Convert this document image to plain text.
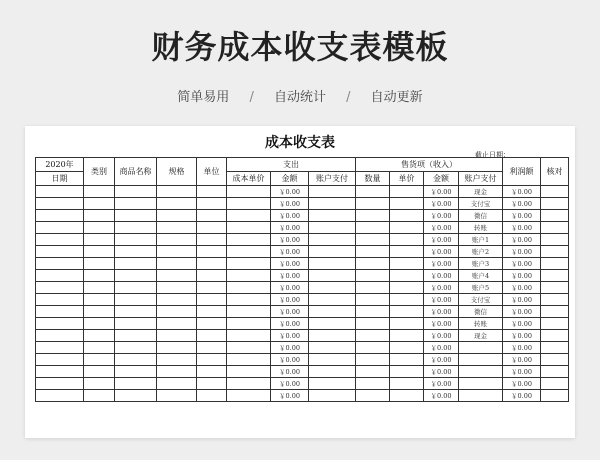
财务成本收支表模板
简单易用 / 自动统计 / 自动更新
成本收支表
截止日期：
2020年	类别	商品名称	规格	单位	支出			售货项（收入）				利润额	核对
日期					成本单价	金额	账户支付	数量	单价	金额	账户支付		
						￥0.00				￥0.00	现金	￥0.00	
						￥0.00				￥0.00	支付宝	￥0.00	
						￥0.00				￥0.00	微信	￥0.00	
						￥0.00				￥0.00	转账	￥0.00	
						￥0.00				￥0.00	账户1	￥0.00	
						￥0.00				￥0.00	账户2	￥0.00	
						￥0.00				￥0.00	账户3	￥0.00	
						￥0.00				￥0.00	账户4	￥0.00	
						￥0.00				￥0.00	账户5	￥0.00	
						￥0.00				￥0.00	支付宝	￥0.00	
						￥0.00				￥0.00	微信	￥0.00	
						￥0.00				￥0.00	转账	￥0.00	
						￥0.00				￥0.00	现金	￥0.00	
						￥0.00				￥0.00		￥0.00	
						￥0.00				￥0.00		￥0.00	
						￥0.00				￥0.00		￥0.00	
						￥0.00				￥0.00		￥0.00	
						￥0.00				￥0.00		￥0.00	
